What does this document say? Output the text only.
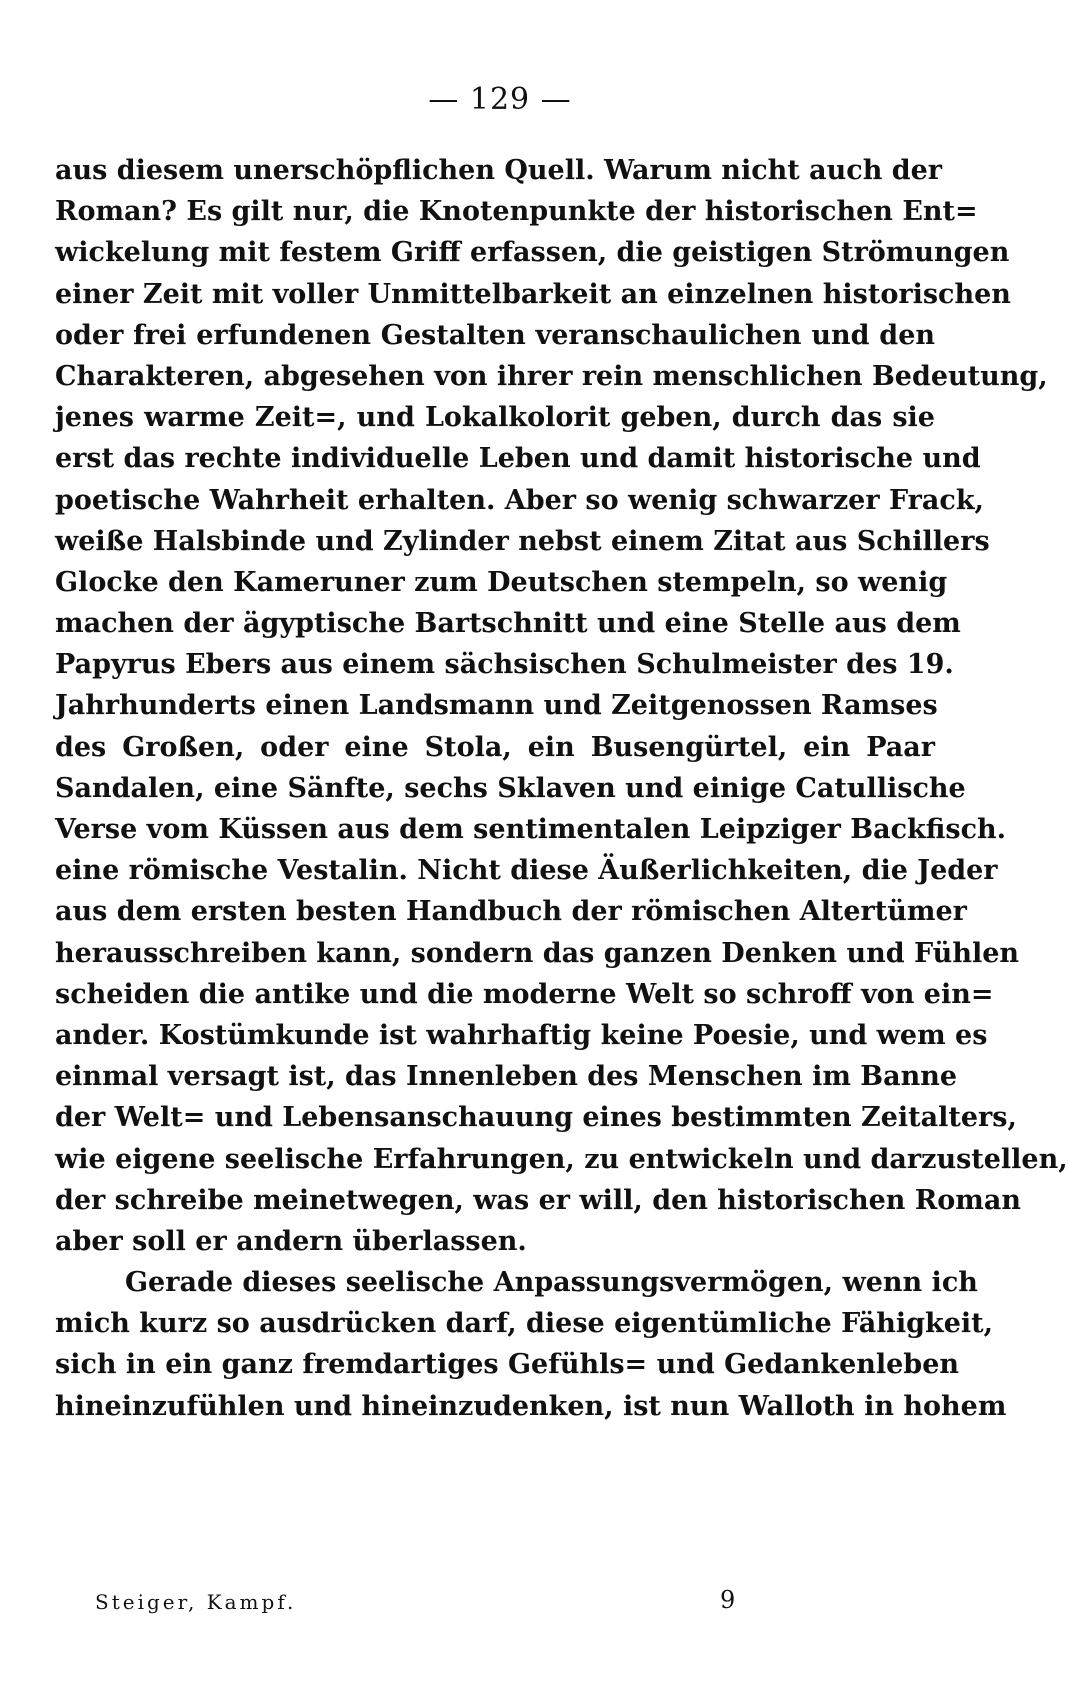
— 129 —
aus diesem unerschöpflichen Quell. Warum nicht auch der
Roman? Es gilt nur, die Knotenpunkte der historischen Ent=
wickelung mit festem Griff erfassen, die geistigen Strömungen
einer Zeit mit voller Unmittelbarkeit an einzelnen historischen
oder frei erfundenen Gestalten veranschaulichen und den
Charakteren, abgesehen von ihrer rein menschlichen Bedeutung,
jenes warme Zeit=, und Lokalkolorit geben, durch das sie
erst das rechte individuelle Leben und damit historische und
poetische Wahrheit erhalten. Aber so wenig schwarzer Frack,
weiße Halsbinde und Zylinder nebst einem Zitat aus Schillers
Glocke den Kameruner zum Deutschen stempeln, so wenig
machen der ägyptische Bartschnitt und eine Stelle aus dem
Papyrus Ebers aus einem sächsischen Schulmeister des 19.
Jahrhunderts einen Landsmann und Zeitgenossen Ramses
des Großen, oder eine Stola, ein Busengürtel, ein Paar
Sandalen, eine Sänfte, sechs Sklaven und einige Catullische
Verse vom Küssen aus dem sentimentalen Leipziger Backfisch.
eine römische Vestalin. Nicht diese Äußerlichkeiten, die Jeder
aus dem ersten besten Handbuch der römischen Altertümer
herausschreiben kann, sondern das ganzen Denken und Fühlen
scheiden die antike und die moderne Welt so schroff von ein=
ander. Kostümkunde ist wahrhaftig keine Poesie, und wem es
einmal versagt ist, das Innenleben des Menschen im Banne
der Welt= und Lebensanschauung eines bestimmten Zeitalters,
wie eigene seelische Erfahrungen, zu entwickeln und darzustellen,
der schreibe meinetwegen, was er will, den historischen Roman
aber soll er andern überlassen.
Gerade dieses seelische Anpassungsvermögen, wenn ich
mich kurz so ausdrücken darf, diese eigentümliche Fähigkeit,
sich in ein ganz fremdartiges Gefühls= und Gedankenleben
hineinzufühlen und hineinzudenken, ist nun Walloth in hohem
Steiger, Kampf.	9
